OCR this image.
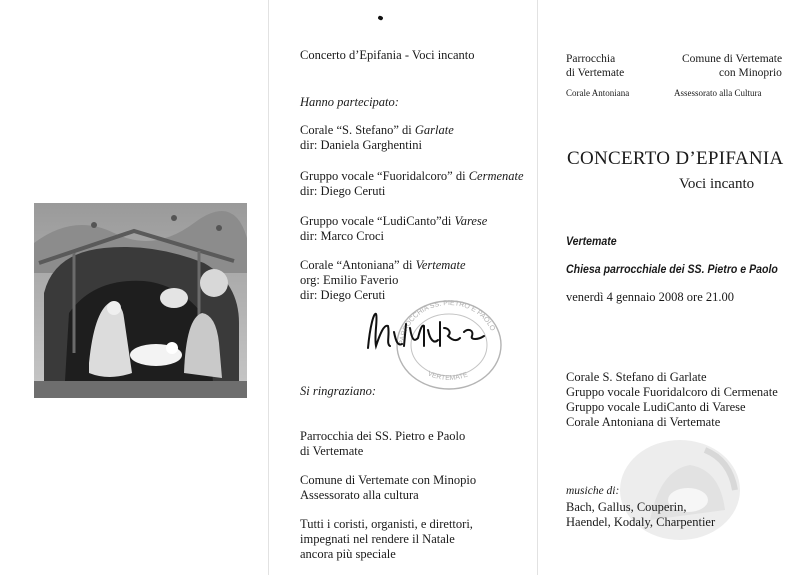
Concerto d’Epifania - Voci incanto
Hanno partecipato:
Corale “S. Stefano” di Garlate
dir: Daniela Garghentini
Gruppo vocale “Fuoridalcoro” di Cermenate
dir: Diego Ceruti
Gruppo vocale “LudiCanto”di Varese
dir: Marco Croci
Corale “Antoniana” di Vertemate
org: Emilio Faverio
dir: Diego Ceruti
PARROCCHIA SS. PIETRO E PAOLO
VERTEMATE
Si ringraziano:
Parrocchia dei SS. Pietro e Paolo
di Vertemate
Comune di Vertemate con Minopio
Assessorato alla cultura
Tutti i coristi, organisti, e direttori,
impegnati nel rendere il Natale
ancora più speciale
Parrocchia
di Vertemate
Corale Antoniana
Comune di Vertemate
con Minoprio
Assessorato alla Cultura
CONCERTO D’EPIFANIA
Voci incanto
Vertemate
Chiesa parrocchiale dei SS. Pietro e Paolo
venerdì 4 gennaio 2008 ore 21.00
Corale S. Stefano di Garlate
Gruppo vocale Fuoridalcoro di Cermenate
Gruppo vocale LudiCanto di Varese
Corale Antoniana di Vertemate
musiche di:
Bach, Gallus, Couperin,
Haendel, Kodaly, Charpentier
